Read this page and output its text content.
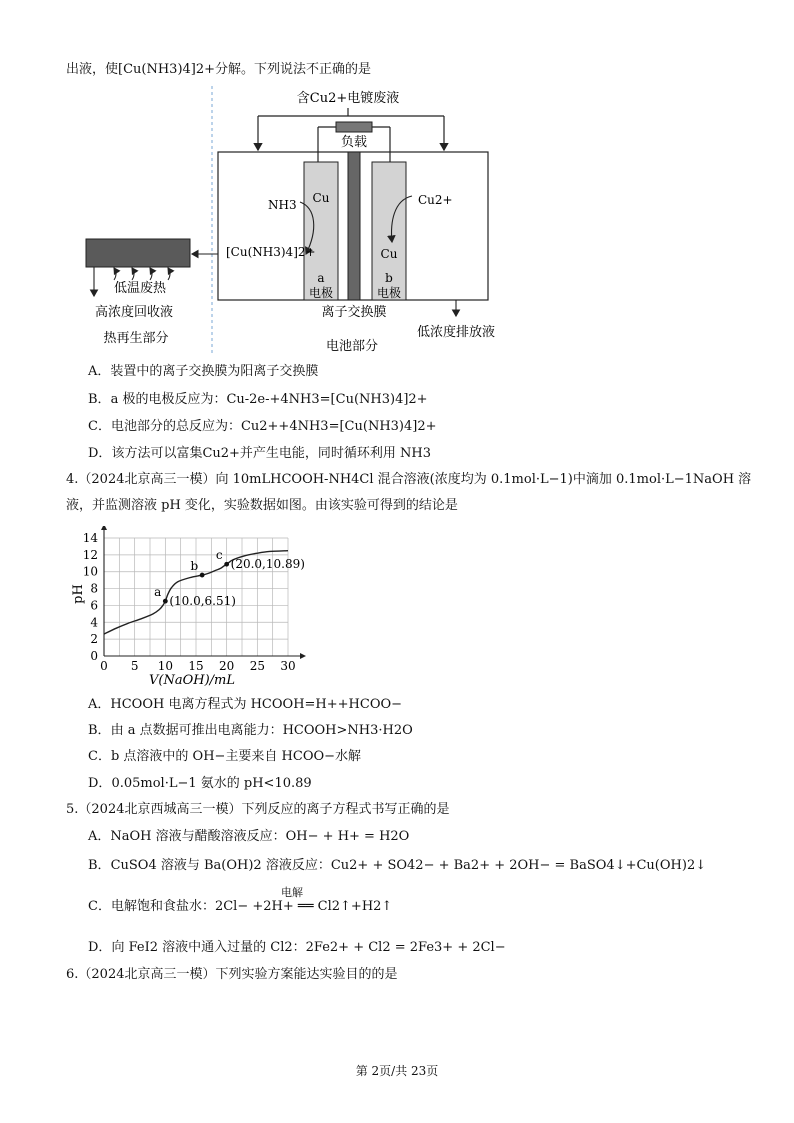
出液，使[Cu(NH3)4]2+分解。下列说法不正确的是
含Cu2+电镀废液
负载
Cu
a
电极
Cu
b
电极
NH3	Cu2+
[Cu(NH3)4]2+
低温废热
高浓度回收液	离子交换膜
低浓度排放液
热再生部分
电池部分
A．装置中的离子交换膜为阳离子交换膜
B．a 极的电极反应为：Cu-2e-+4NH3=[Cu(NH3)4]2+
C．电池部分的总反应为：Cu2++4NH3=[Cu(NH3)4]2+
D．该方法可以富集Cu2+并产生电能，同时循环利用 NH3
4.（2024北京高三一模）向 10mLHCOOH-NH4Cl 混合溶液(浓度均为 0.1mol·L−1)中滴加 0.1mol·L−1NaOH 溶
液，并监测溶液 pH 变化，实验数据如图。由该实验可得到的结论是
0 5 10 15 20 25 30
0
2
4
6
8
10
12
14
a
(10.0,6.51)
b
c
(20.0,10.89)
V(NaOH)/mL
pH
A．HCOOH 电离方程式为 HCOOH=H++HCOO−
B．由 a 点数据可推出电离能力：HCOOH>NH3·H2O
C．b 点溶液中的 OH−主要来自 HCOO−水解
D．0.05mol·L−1 氨水的 pH<10.89
5.（2024北京西城高三一模）下列反应的离子方程式书写正确的是
A．NaOH 溶液与醋酸溶液反应：OH− + H+ = H2O
B．CuSO4 溶液与 Ba(OH)2 溶液反应：Cu2+ + SO42− + Ba2+ + 2OH− = BaSO4↓+Cu(OH)2↓
电解
C．电解饱和食盐水：2Cl− +2H+ ══ Cl2↑+H2↑
D．向 FeI2 溶液中通入过量的 Cl2：2Fe2+ + Cl2 = 2Fe3+ + 2Cl−
6.（2024北京高三一模）下列实验方案能达实验目的的是
第 2页/共 23页
